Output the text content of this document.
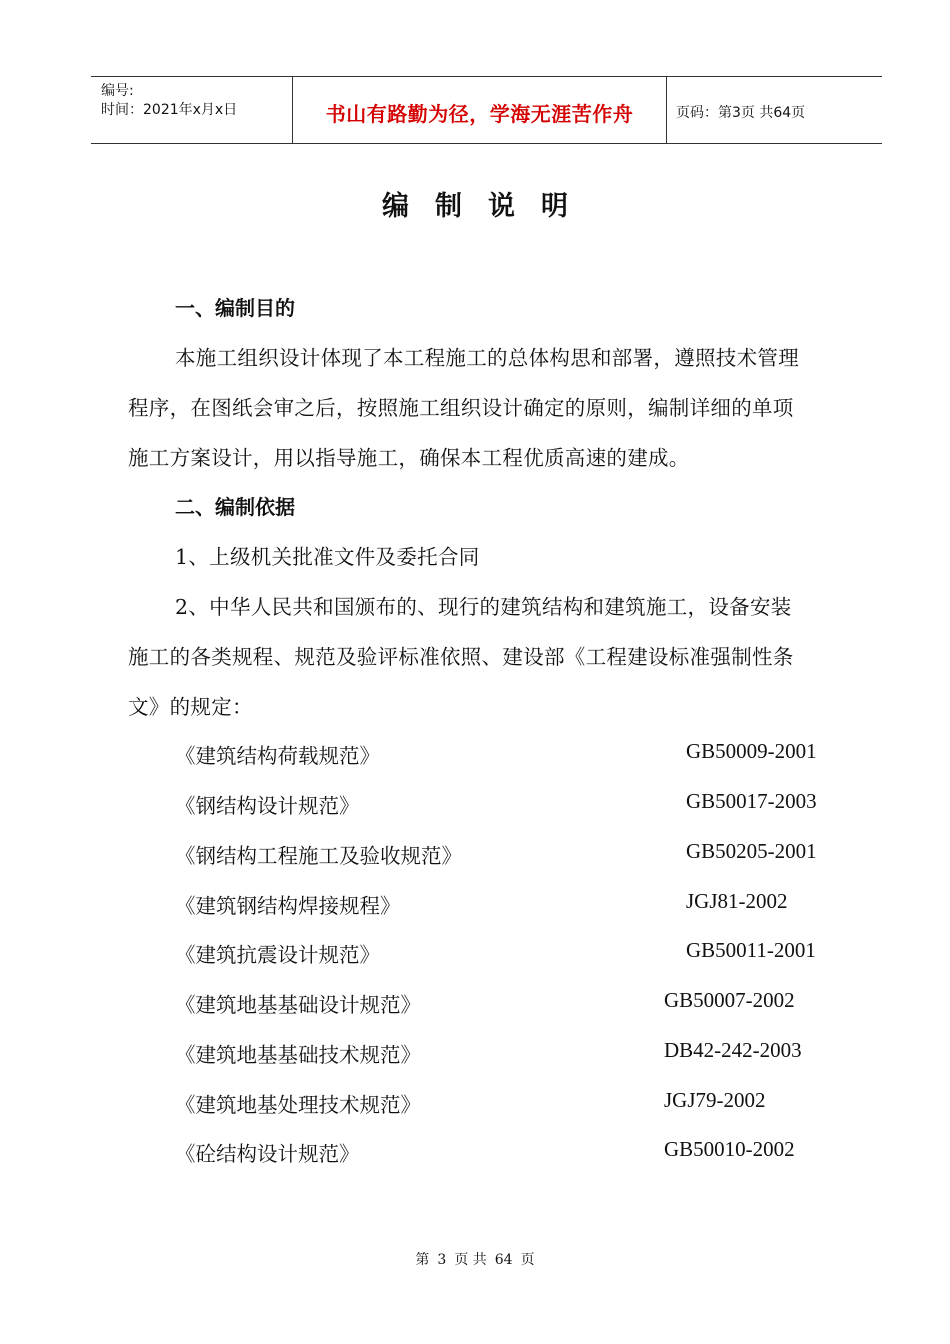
编号:
时间：2021年x月x日	书山有路勤为径，学海无涯苦作舟	页码：第3页 共64页
编制说明
一、编制目的
本施工组织设计体现了本工程施工的总体构思和部署，遵照技术管理
程序，在图纸会审之后，按照施工组织设计确定的原则，编制详细的单项
施工方案设计，用以指导施工，确保本工程优质高速的建成。
二、编制依据
1、上级机关批准文件及委托合同
2、中华人民共和国颁布的、现行的建筑结构和建筑施工，设备安装
施工的各类规程、规范及验评标准依照、建设部《工程建设标准强制性条
文》的规定：
《建筑结构荷载规范》	GB50009-2001
《钢结构设计规范》	GB50017-2003
《钢结构工程施工及验收规范》	GB50205-2001
《建筑钢结构焊接规程》	JGJ81-2002
《建筑抗震设计规范》	GB50011-2001
《建筑地基基础设计规范》	GB50007-2002
《建筑地基基础技术规范》	DB42-242-2003
《建筑地基处理技术规范》	JGJ79-2002
《砼结构设计规范》	GB50010-2002
第 3 页 共 64 页
